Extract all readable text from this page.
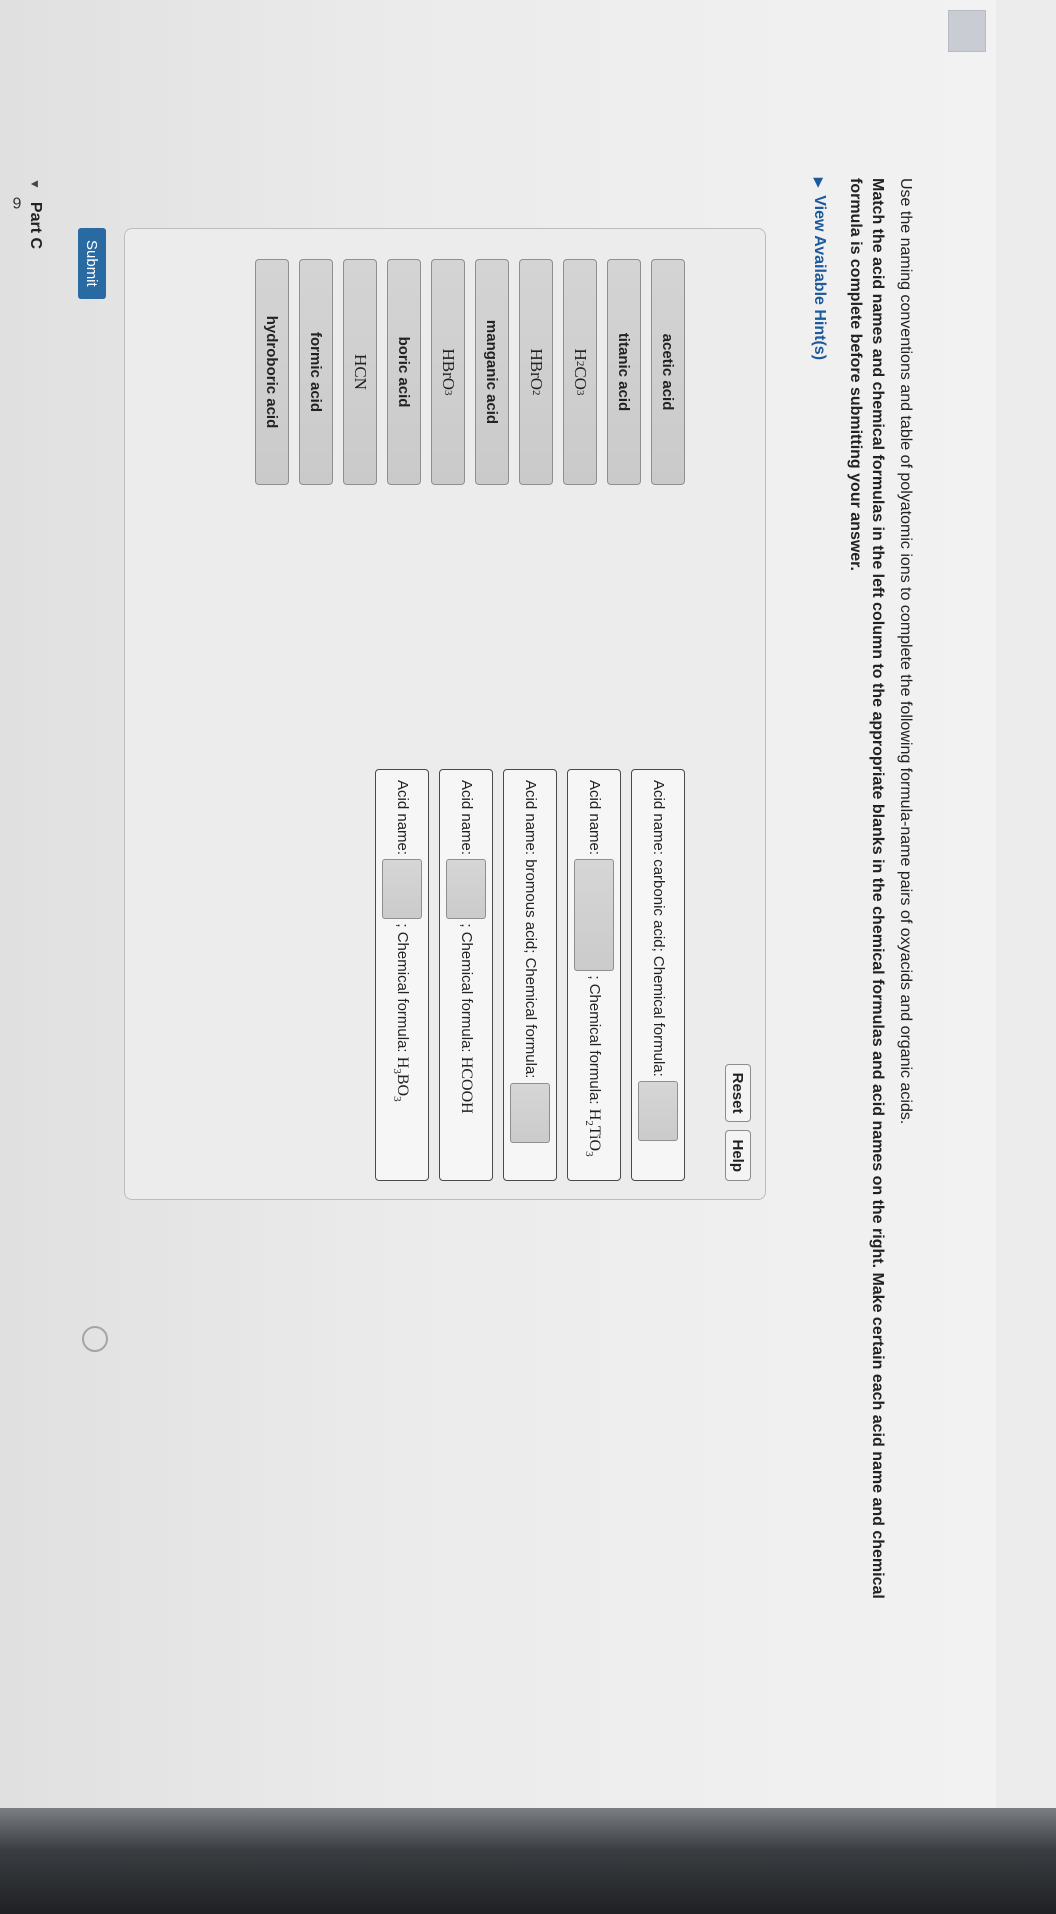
9	Use the naming conventions and table of polyatomic ions to complete the following formula-name pairs of oxyacids and organic acids.
Match the acid names and chemical formulas in the left column to the appropriate blanks in the chemical formulas and acid names on the right. Make certain each acid name and chemical formula is complete before submitting your answer.
▶
View Available Hint(s)
Reset
Help
acetic acid
titanic acid
H
2
CO
3
HBrO
2
manganic acid
HBrO
3
boric acid
HCN
formic acid
hydroboric acid
Acid name: carbonic acid; Chemical formula:
Acid name:  ; Chemical formula: $H_2TiO_3$
Acid name: bromous acid; Chemical formula:
Acid name:  ; Chemical formula: HCOOH
Acid name:  ; Chemical formula: $H_3BO_3$
Submit
▼
Part C
